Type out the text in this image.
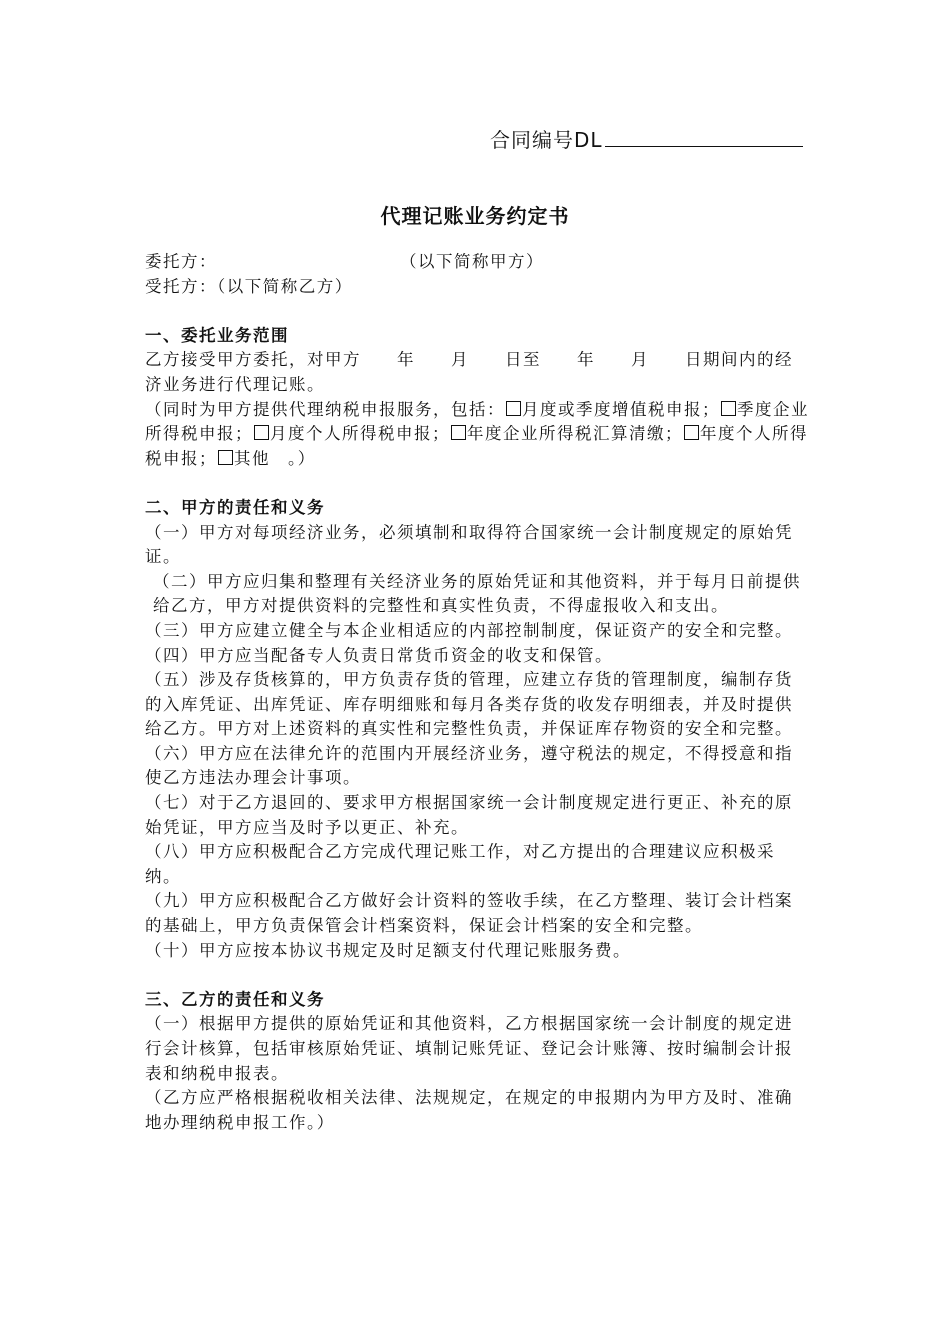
合同编号DL
代理记账业务约定书

委托方：	（以下简称甲方）

受托方：（以下简称乙方）

一、委托业务范围

乙方接受甲方委托，对甲方　　年　　月　　日至　　年　　月　　日期间内的经济业务进行代理记账。

（同时为甲方提供代理纳税申报服务，包括： 月度或季度增值税申报； 季度企业所得税申报； 月度个人所得税申报； 年度企业所得税汇算清缴； 年度个人所得税申报； 其他　。）

二、甲方的责任和义务

（一）甲方对每项经济业务，必须填制和取得符合国家统一会计制度规定的原始凭证。

（二）甲方应归集和整理有关经济业务的原始凭证和其他资料，并于每月日前提供给乙方，甲方对提供资料的完整性和真实性负责，不得虚报收入和支出。

（三）甲方应建立健全与本企业相适应的内部控制制度，保证资产的安全和完整。

（四）甲方应当配备专人负责日常货币资金的收支和保管。

（五）涉及存货核算的，甲方负责存货的管理，应建立存货的管理制度，编制存货的入库凭证、出库凭证、库存明细账和每月各类存货的收发存明细表，并及时提供给乙方。甲方对上述资料的真实性和完整性负责，并保证库存物资的安全和完整。

（六）甲方应在法律允许的范围内开展经济业务，遵守税法的规定，不得授意和指使乙方违法办理会计事项。

（七）对于乙方退回的、要求甲方根据国家统一会计制度规定进行更正、补充的原始凭证，甲方应当及时予以更正、补充。

（八）甲方应积极配合乙方完成代理记账工作，对乙方提出的合理建议应积极采纳。

（九）甲方应积极配合乙方做好会计资料的签收手续，在乙方整理、装订会计档案的基础上，甲方负责保管会计档案资料，保证会计档案的安全和完整。

（十）甲方应按本协议书规定及时足额支付代理记账服务费。

三、乙方的责任和义务

（一）根据甲方提供的原始凭证和其他资料，乙方根据国家统一会计制度的规定进行会计核算，包括审核原始凭证、填制记账凭证、登记会计账簿、按时编制会计报表和纳税申报表。

（乙方应严格根据税收相关法律、法规规定，在规定的申报期内为甲方及时、准确地办理纳税申报工作。）
